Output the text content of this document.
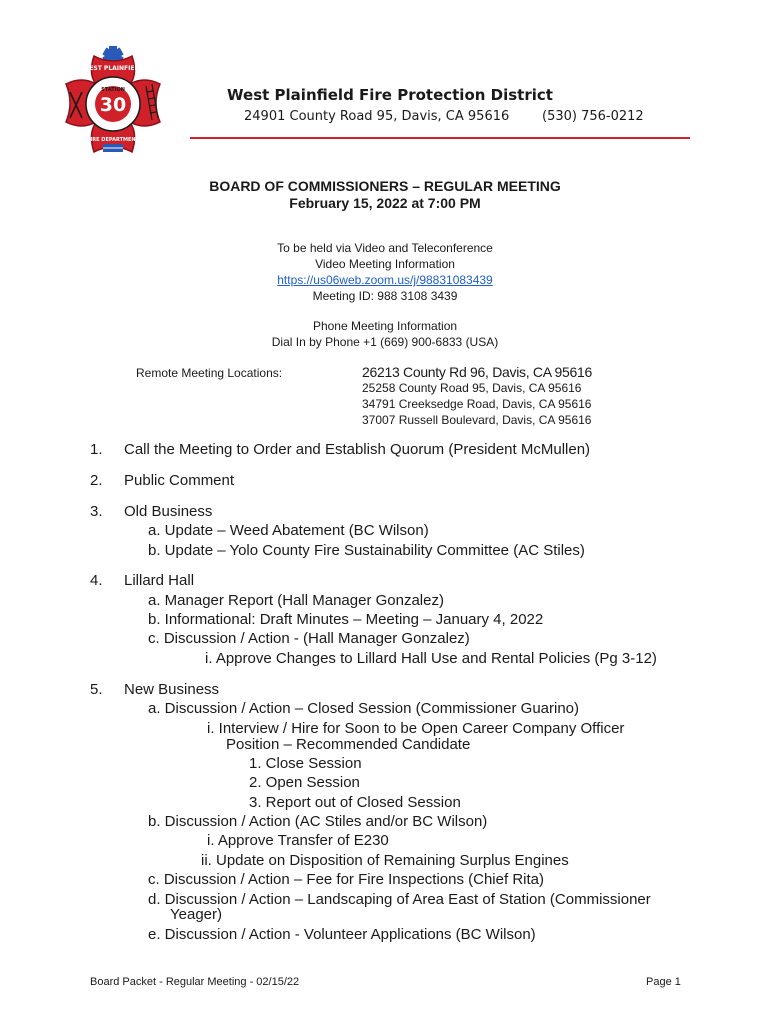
WEST PLAINFIELD
STATION
30
FIRE DEPARTMENT
West Plainfield Fire Protection District
24901 County Road 95, Davis, CA 95616	(530) 756-0212
BOARD OF COMMISSIONERS – REGULAR MEETING
February 15, 2022 at 7:00 PM
To be held via Video and Teleconference
Video Meeting Information
https://us06web.zoom.us/j/98831083439
Meeting ID: 988 3108 3439
Phone Meeting Information
Dial In by Phone +1 (669) 900-6833 (USA)
Remote Meeting Locations:	26213 County Rd 96, Davis, CA 95616
25258 County Road 95, Davis, CA 95616
34791 Creeksedge Road, Davis, CA 95616
37007 Russell Boulevard, Davis, CA 95616
1. Call the Meeting to Order and Establish Quorum (President McMullen)
2. Public Comment
3. Old Business
a. Update – Weed Abatement (BC Wilson)
b. Update – Yolo County Fire Sustainability Committee (AC Stiles)
4. Lillard Hall
a. Manager Report (Hall Manager Gonzalez)
b. Informational: Draft Minutes – Meeting – January 4, 2022
c. Discussion / Action - (Hall Manager Gonzalez)
i. Approve Changes to Lillard Hall Use and Rental Policies (Pg 3-12)
5. New Business
a. Discussion / Action – Closed Session (Commissioner Guarino)
i. Interview / Hire for Soon to be Open Career Company Officer
Position – Recommended Candidate
1. Close Session
2. Open Session
3. Report out of Closed Session
b. Discussion / Action (AC Stiles and/or BC Wilson)
i. Approve Transfer of E230
ii. Update on Disposition of Remaining Surplus Engines
c. Discussion / Action – Fee for Fire Inspections (Chief Rita)
d. Discussion / Action – Landscaping of Area East of Station (Commissioner
Yeager)
e. Discussion / Action - Volunteer Applications (BC Wilson)
Board Packet - Regular Meeting - 02/15/22	Page 1
